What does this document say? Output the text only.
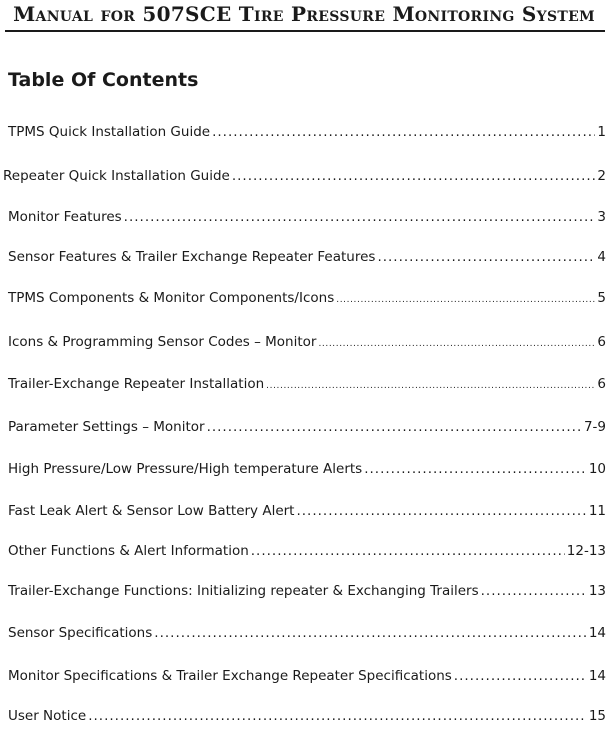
Manual for 507SCE Tire Pressure Monitoring System
Table Of Contents
TPMS Quick Installation Guide .....	1
Repeater Quick Installation Guide .....	2
Monitor Features .....	3
Sensor Features & Trailer Exchange Repeater Features .....	4
TPMS Components & Monitor Components/Icons .....	5
Icons & Programming Sensor Codes – Monitor .....	6
Trailer-Exchange Repeater Installation .....	6
Parameter Settings – Monitor .....	7-9
High Pressure/Low Pressure/High temperature Alerts .....	10
Fast Leak Alert & Sensor Low Battery Alert .....	11
Other Functions & Alert Information .....	12-13
Trailer-Exchange Functions: Initializing repeater & Exchanging Trailers .....	13
Sensor Specifications .....	14
Monitor Specifications & Trailer Exchange Repeater Specifications .....	14
User Notice .....	15
